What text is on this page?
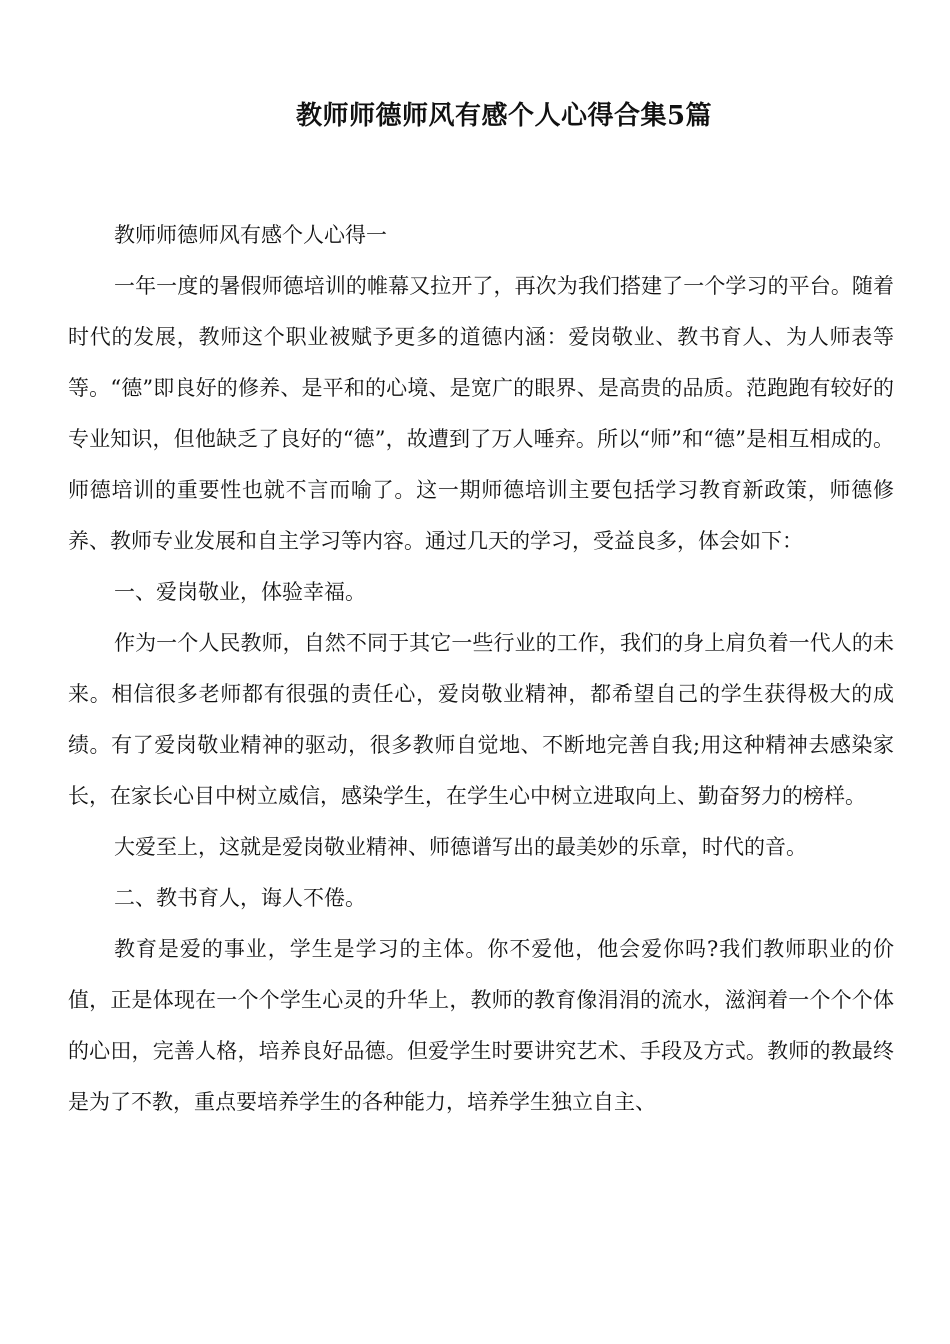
教师师德师风有感个人心得合集5篇

教师师德师风有感个人心得一

一年一度的暑假师德培训的帷幕又拉开了，再次为我们搭建了一个学习的平台。随着时代的发展，教师这个职业被赋予更多的道德内涵：爱岗敬业、教书育人、为人师表等等。“德”即良好的修养、是平和的心境、是宽广的眼界、是高贵的品质。范跑跑有较好的专业知识，但他缺乏了良好的“德”，故遭到了万人唾弃。所以“师”和“德”是相互相成的。师德培训的重要性也就不言而喻了。这一期师德培训主要包括学习教育新政策，师德修养、教师专业发展和自主学习等内容。通过几天的学习，受益良多，体会如下：

一、爱岗敬业，体验幸福。

作为一个人民教师，自然不同于其它一些行业的工作，我们的身上肩负着一代人的未来。相信很多老师都有很强的责任心，爱岗敬业精神，都希望自己的学生获得极大的成绩。有了爱岗敬业精神的驱动，很多教师自觉地、不断地完善自我;用这种精神去感染家长，在家长心目中树立威信，感染学生，在学生心中树立进取向上、勤奋努力的榜样。

大爱至上，这就是爱岗敬业精神、师德谱写出的最美妙的乐章，时代的音。

二、教书育人，诲人不倦。

教育是爱的事业，学生是学习的主体。你不爱他，他会爱你吗?我们教师职业的价值，正是体现在一个个学生心灵的升华上，教师的教育像涓涓的流水，滋润着一个个个体的心田，完善人格，培养良好品德。但爱学生时要讲究艺术、手段及方式。教师的教最终是为了不教，重点要培养学生的各种能力，培养学生独立自主、
